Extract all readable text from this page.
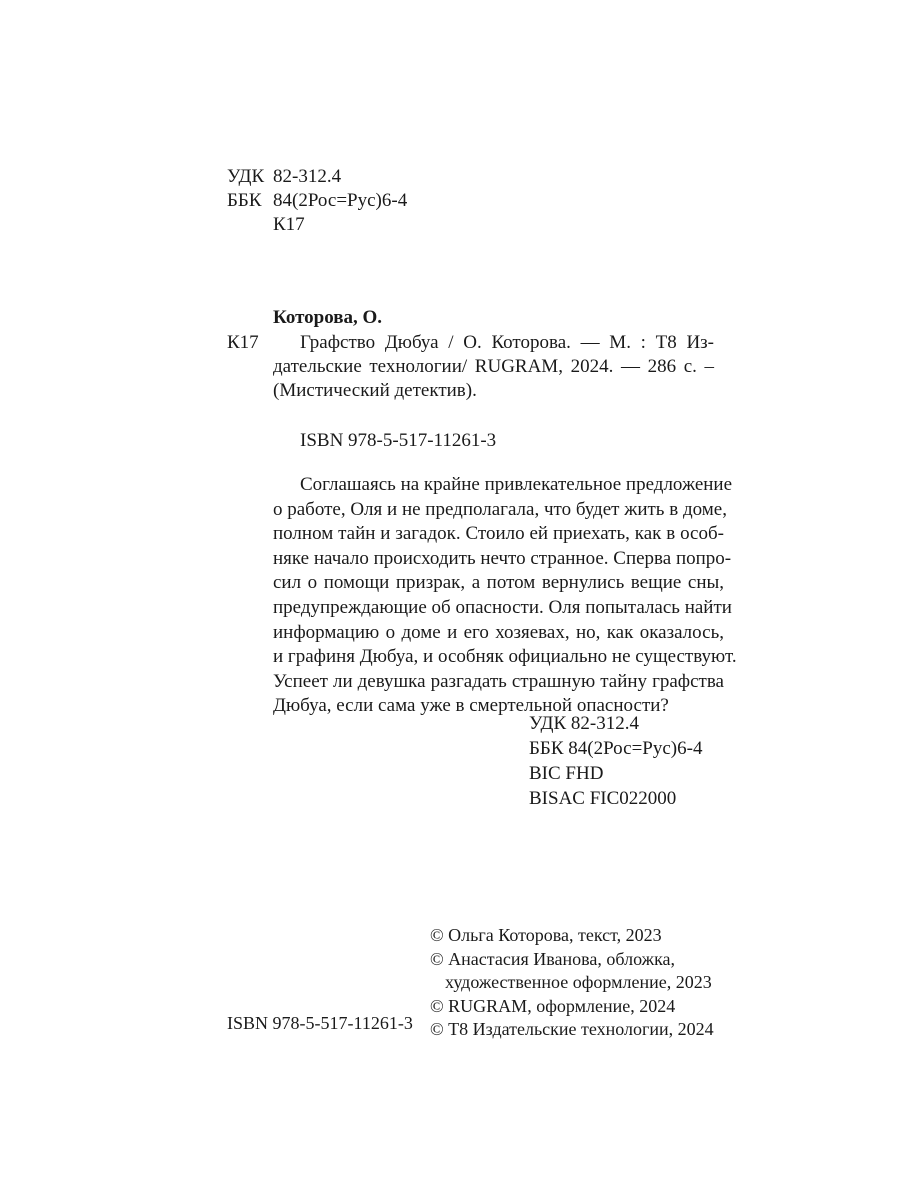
УДК 82-312.4
ББК 84(2Рос=Рус)6-4
К17
Которова, О.
К17 Графство Дюбуа / О. Которова. — М. : Т8 Из-
дательские технологии/ RUGRAM, 2024. — 286 с. –
(Мистический детектив).
ISBN 978-5-517-11261-3
Соглашаясь на крайне привлекательное предложение
о работе, Оля и не предполагала, что будет жить в доме,
полном тайн и загадок. Стоило ей приехать, как в особ-
няке начало происходить нечто странное. Сперва попро-
сил о помощи призрак, а потом вернулись вещие сны,
предупреждающие об опасности. Оля попыталась найти
информацию о доме и его хозяевах, но, как оказалось,
и графиня Дюбуа, и особняк официально не существуют.
Успеет ли девушка разгадать страшную тайну графства
Дюбуа, если сама уже в смертельной опасности?
УДК 82-312.4
ББК 84(2Рос=Рус)6-4
BIC FHD
BISAC FIC022000
© Ольга Которова, текст, 2023
© Анастасия Иванова, обложка,
художественное оформление, 2023
© RUGRAM, оформление, 2024
© Т8 Издательские технологии, 2024
ISBN 978-5-517-11261-3
